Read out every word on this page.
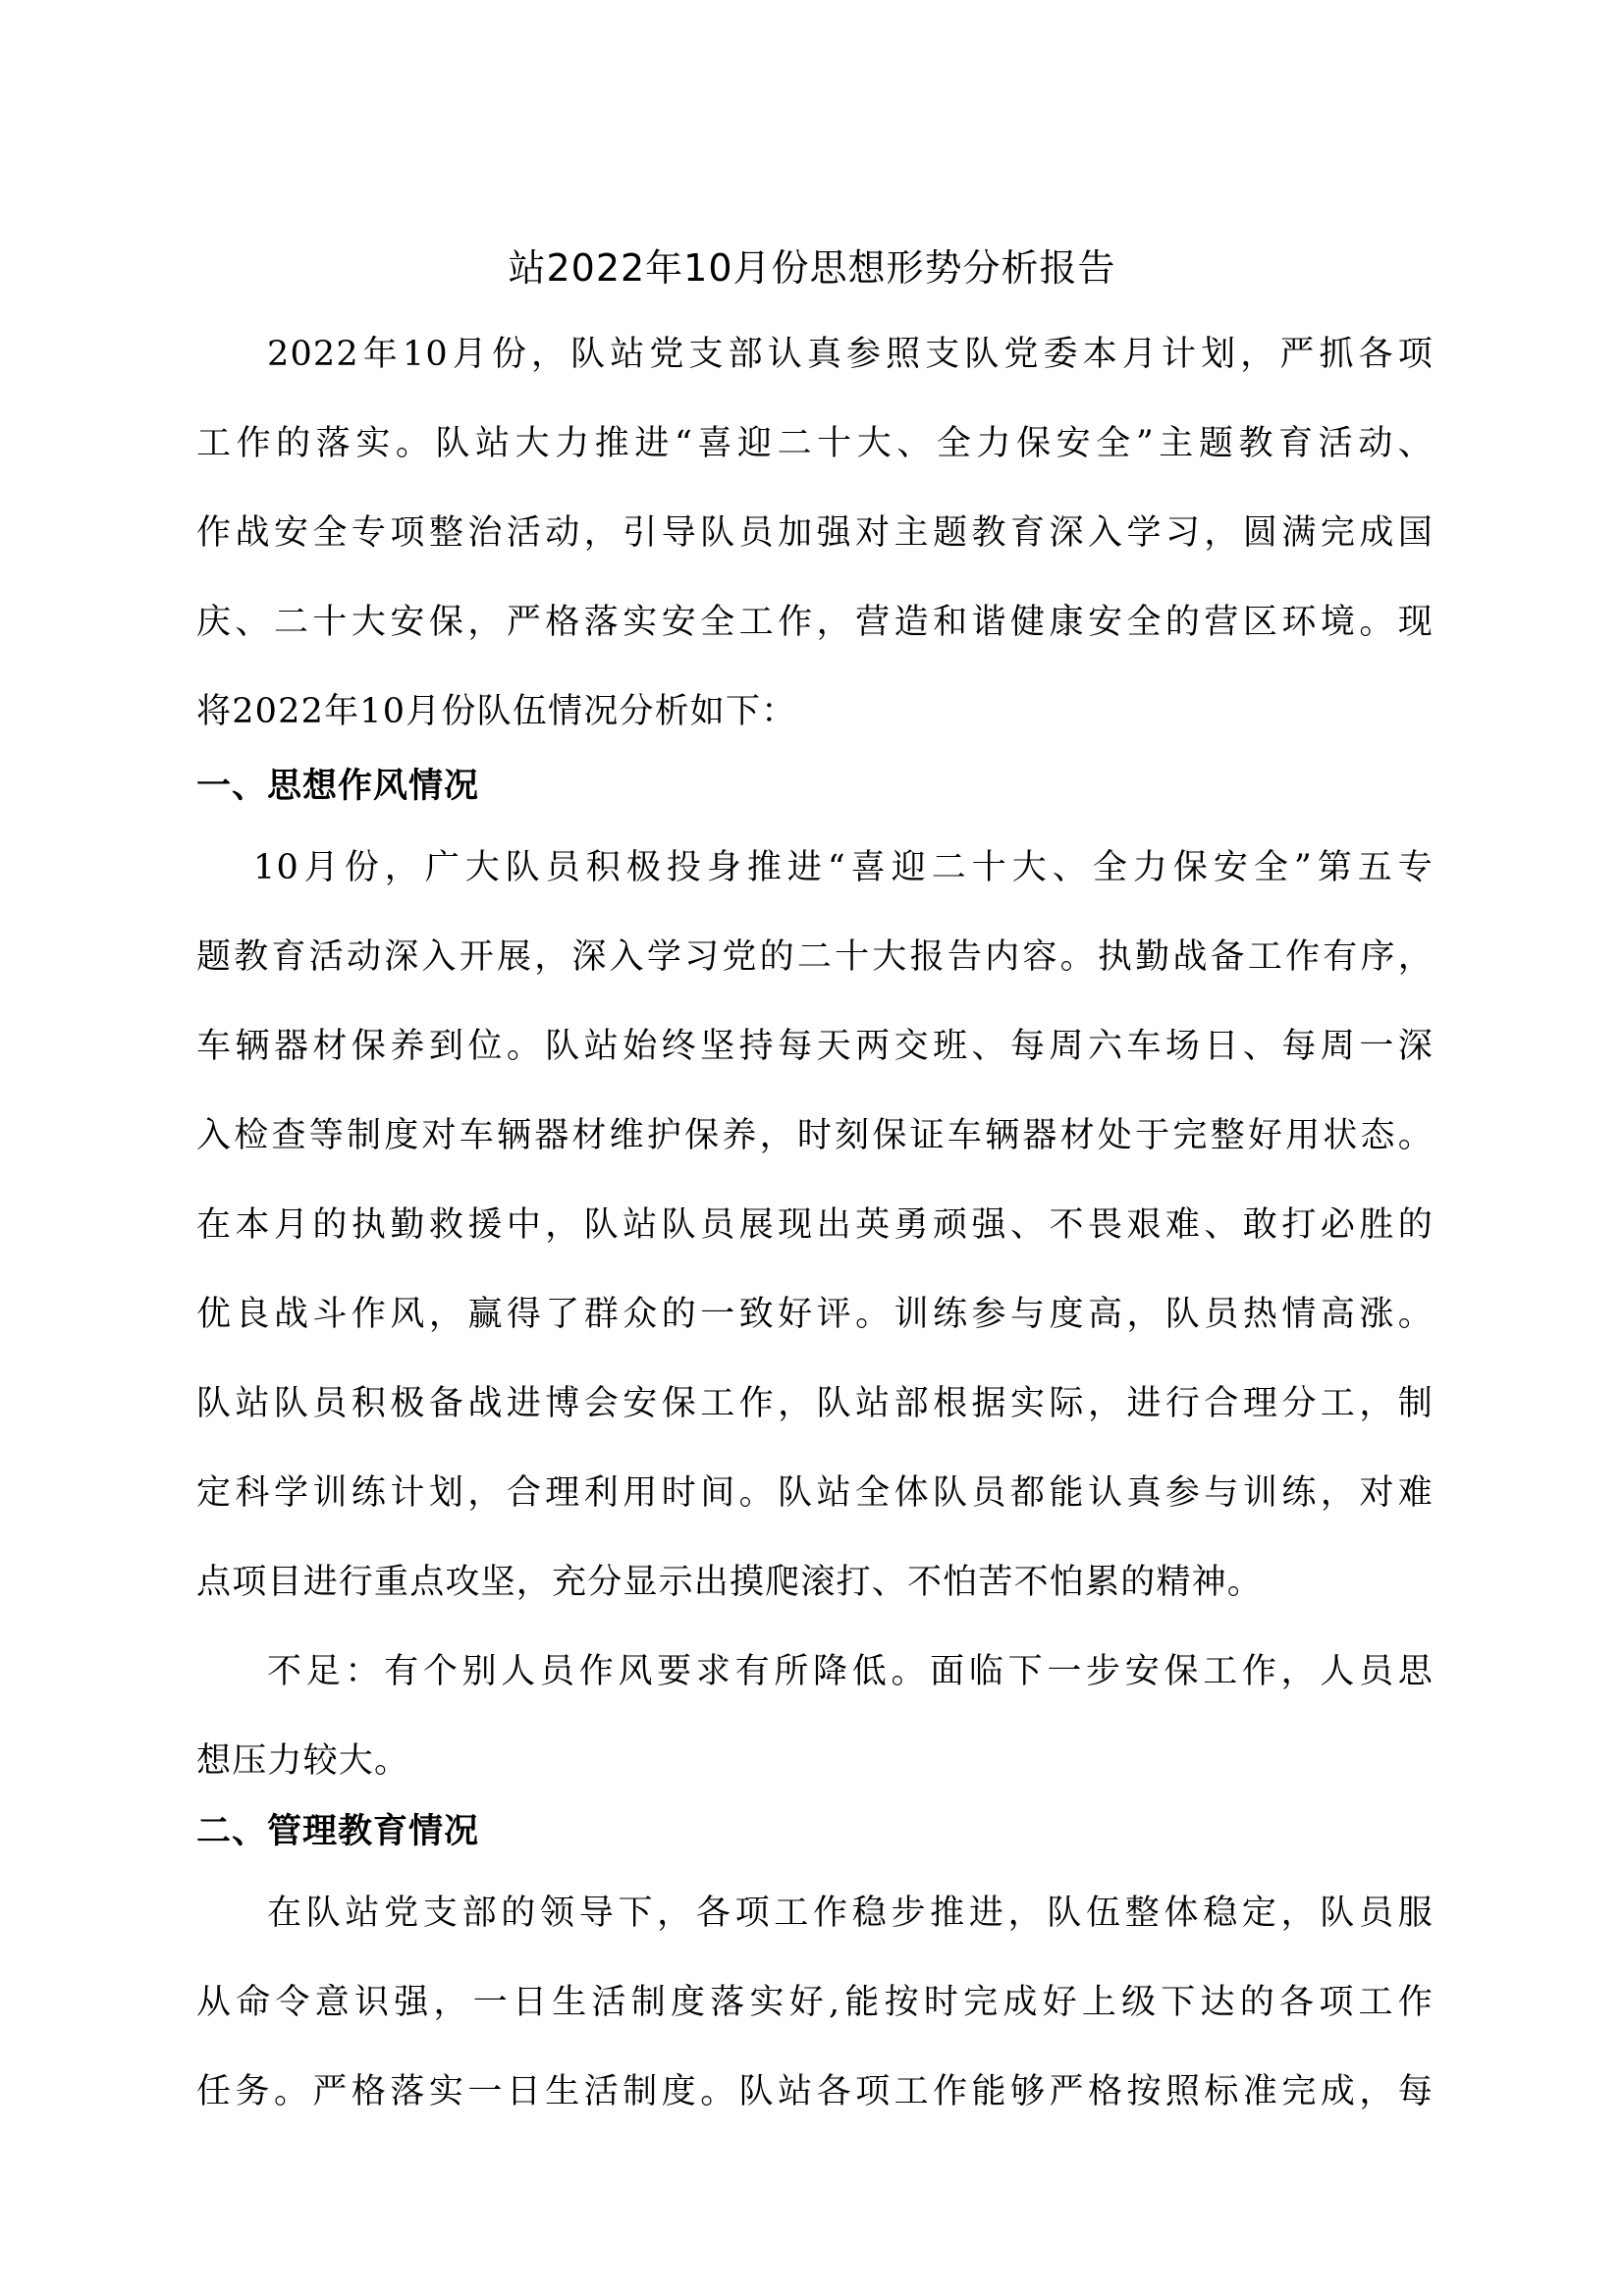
站2022年10月份思想形势分析报告
2022年10月份，队站党支部认真参照支队党委本月计划，严抓各项
工作的落实。队站大力推进“喜迎二十大、全力保安全”主题教育活动、
作战安全专项整治活动，引导队员加强对主题教育深入学习，圆满完成国
庆、二十大安保，严格落实安全工作，营造和谐健康安全的营区环境。现
将2022年10月份队伍情况分析如下：
一、思想作风情况
10月份，广大队员积极投身推进“喜迎二十大、全力保安全”第五专
题教育活动深入开展，深入学习党的二十大报告内容。执勤战备工作有序，
车辆器材保养到位。队站始终坚持每天两交班、每周六车场日、每周一深
入检查等制度对车辆器材维护保养，时刻保证车辆器材处于完整好用状态。
在本月的执勤救援中，队站队员展现出英勇顽强、不畏艰难、敢打必胜的
优良战斗作风，赢得了群众的一致好评。训练参与度高，队员热情高涨。
队站队员积极备战进博会安保工作，队站部根据实际，进行合理分工，制
定科学训练计划，合理利用时间。队站全体队员都能认真参与训练，对难
点项目进行重点攻坚，充分显示出摸爬滚打、不怕苦不怕累的精神。
不足：有个别人员作风要求有所降低。面临下一步安保工作，人员思
想压力较大。
二、管理教育情况
在队站党支部的领导下，各项工作稳步推进，队伍整体稳定，队员服
从命令意识强，一日生活制度落实好,能按时完成好上级下达的各项工作
任务。严格落实一日生活制度。队站各项工作能够严格按照标准完成，每
